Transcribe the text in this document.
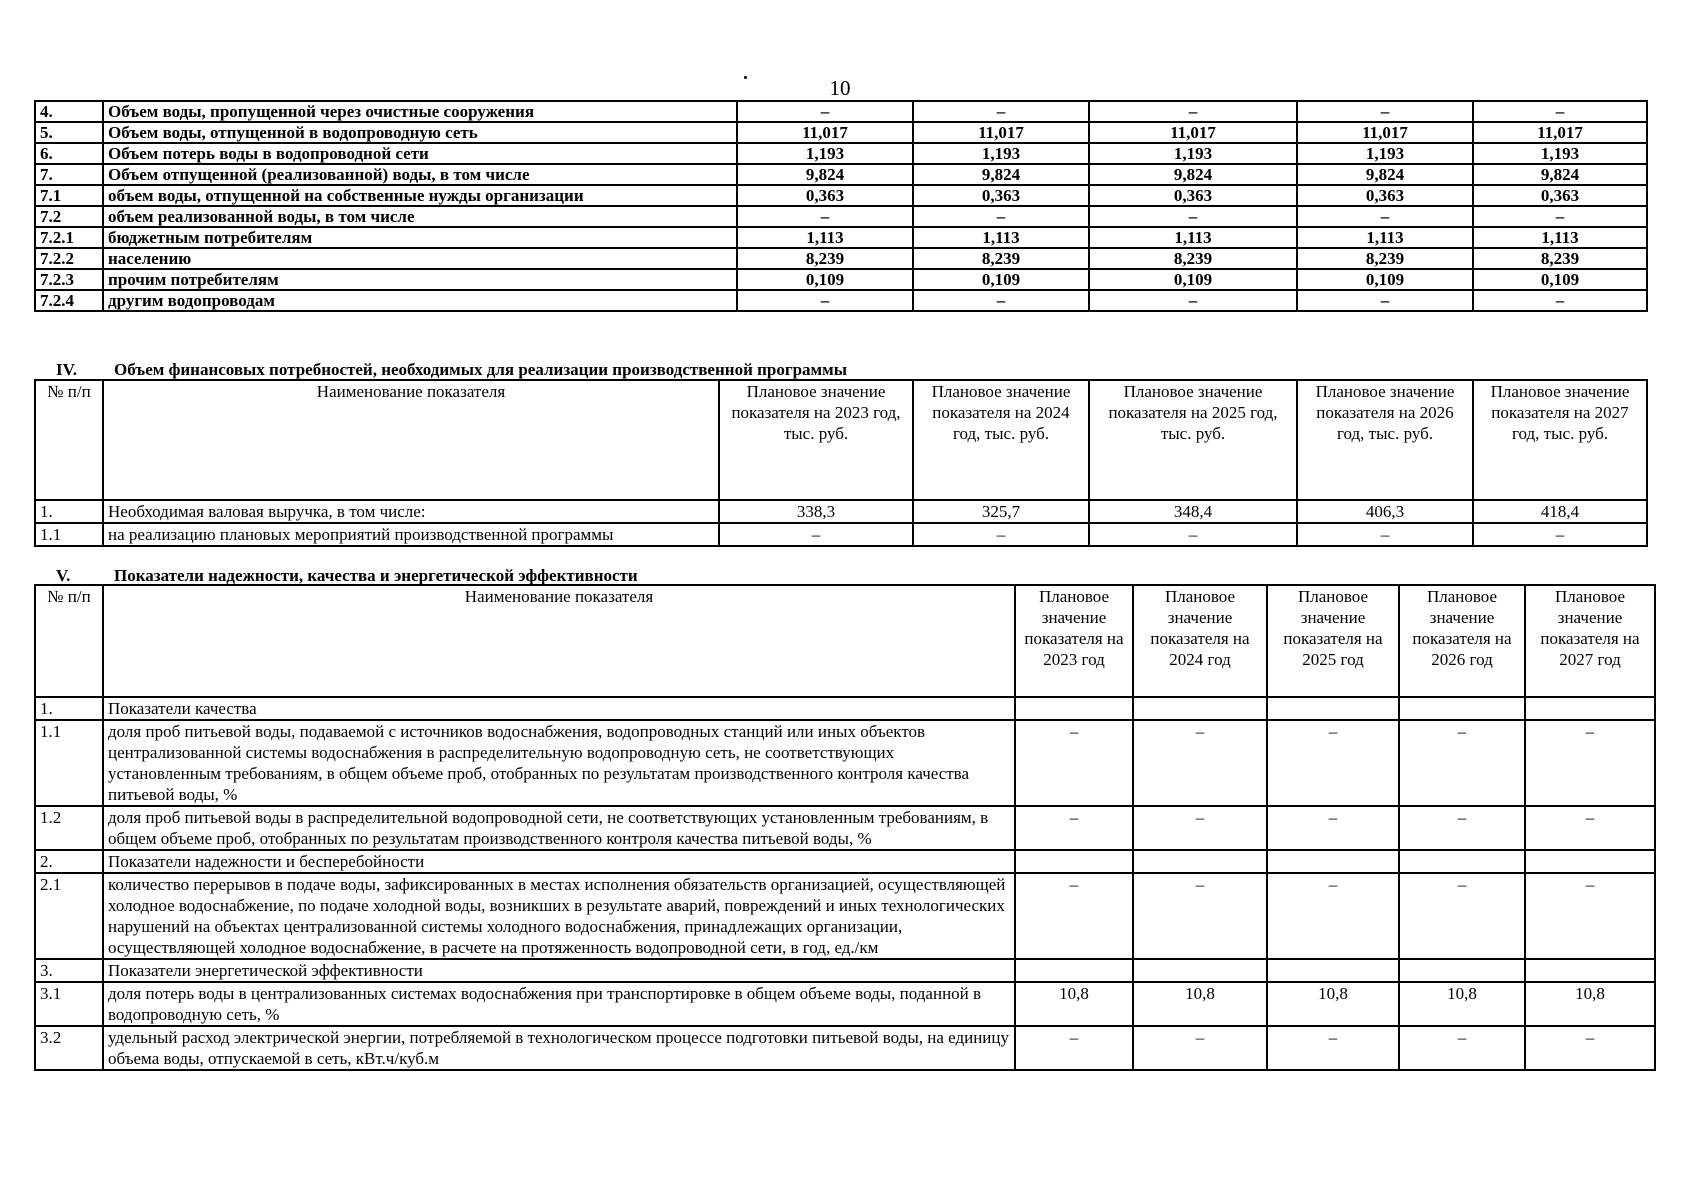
10
4.	Объем воды, пропущенной через очистные сооружения	–	–	–	–	–
5.	Объем воды, отпущенной в водопроводную сеть	11,017	11,017	11,017	11,017	11,017
6.	Объем потерь воды в водопроводной сети	1,193	1,193	1,193	1,193	1,193
7.	Объем отпущенной (реализованной) воды, в том числе	9,824	9,824	9,824	9,824	9,824
7.1	объем воды, отпущенной на собственные нужды организации	0,363	0,363	0,363	0,363	0,363
7.2	объем реализованной воды, в том числе	–	–	–	–	–
7.2.1	бюджетным потребителям	1,113	1,113	1,113	1,113	1,113
7.2.2	населению	8,239	8,239	8,239	8,239	8,239
7.2.3	прочим потребителям	0,109	0,109	0,109	0,109	0,109
7.2.4	другим водопроводам	–	–	–	–	–
IV. Объем финансовых потребностей, необходимых для реализации производственной программы
№ п/п	Наименование показателя	Плановое значение показателя на 2023 год, тыс. руб.	Плановое значение показателя на 2024 год, тыс. руб.	Плановое значение показателя на 2025 год, тыс. руб.	Плановое значение показателя на 2026 год, тыс. руб.	Плановое значение показателя на 2027 год, тыс. руб.
1.	Необходимая валовая выручка, в том числе:	338,3	325,7	348,4	406,3	418,4
1.1	на реализацию плановых мероприятий производственной программы	–	–	–	–	–
V.	Показатели надежности, качества и энергетической эффективности
№ п/п	Наименование показателя	Плановое значение показателя на 2023 год	Плановое значение показателя на 2024 год	Плановое значение показателя на 2025 год	Плановое значение показателя на 2026 год	Плановое значение показателя на 2027 год
1.	Показатели качества					
1.1	доля проб питьевой воды, подаваемой с источников водоснабжения, водопроводных станций или иных объектов централизованной системы водоснабжения в распределительную водопроводную сеть, не соответствующих установленным требованиям, в общем объеме проб, отобранных по результатам производственного контроля качества питьевой воды, %	–	–	–	–	–
1.2	доля проб питьевой воды в распределительной водопроводной сети, не соответствующих установленным требованиям, в общем объеме проб, отобранных по результатам производственного контроля качества питьевой воды, %	–	–	–	–	–
2.	Показатели надежности и бесперебойности					
2.1	количество перерывов в подаче воды, зафиксированных в местах исполнения обязательств организацией, осуществляющей холодное водоснабжение, по подаче холодной воды, возникших в результате аварий, повреждений и иных технологических нарушений на объектах централизованной системы холодного водоснабжения, принадлежащих организации, осуществляющей холодное водоснабжение, в расчете на протяженность водопроводной сети, в год, ед./км	–	–	–	–	–
3.	Показатели энергетической эффективности					
3.1	доля потерь воды в централизованных системах водоснабжения при транспортировке в общем объеме воды, поданной в водопроводную сеть, %	10,8	10,8	10,8	10,8	10,8
3.2	удельный расход электрической энергии, потребляемой в технологическом процессе подготовки питьевой воды, на единицу объема воды, отпускаемой в сеть, кВт.ч/куб.м	–	–	–	–	–
